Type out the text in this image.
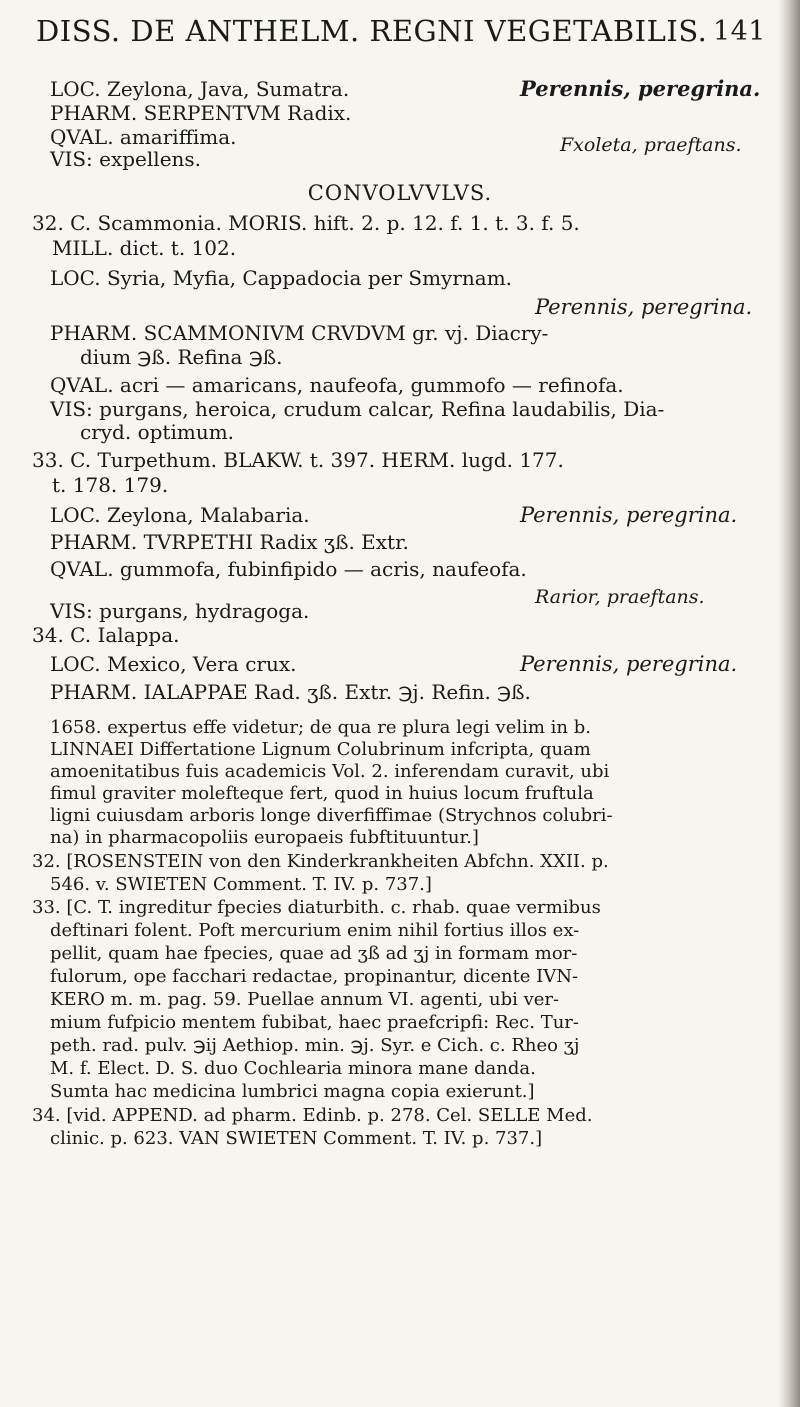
DISS. DE ANTHELM. REGNI VEGETABILIS. 141
LOC. Zeylona, Java, Sumatra.	Perennis, peregrina.
PHARM. SERPENTVM Radix.
QVAL. amariffima.	Fxoleta, praeftans.
VIS: expellens.
CONVOLVVLVS.
32. C. Scammonia. MORIS. hift. 2. p. 12. f. 1. t. 3. f. 5.
MILL. dict. t. 102.
LOC. Syria, Myfia, Cappadocia per Smyrnam.
Perennis, peregrina.
PHARM. SCAMMONIVM CRVDVM gr. vj. Diacry-
dium ℈ß. Refina ℈ß.
QVAL. acri — amaricans, naufeofa, gummofo — refinofa.
VIS: purgans, heroica, crudum calcar, Refina laudabilis, Dia-
cryd. optimum.
33. C. Turpethum. BLAKW. t. 397. HERM. lugd. 177.
t. 178. 179.
LOC. Zeylona, Malabaria.	Perennis, peregrina.
PHARM. TVRPETHI Radix ʒß. Extr.
QVAL. gummofa, fubinfipido — acris, naufeofa.
Rarior, praeftans.
VIS: purgans, hydragoga.
34. C. Ialappa.
LOC. Mexico, Vera crux.	Perennis, peregrina.
PHARM. IALAPPAE Rad. ʒß. Extr. ℈j. Refin. ℈ß.
1658. expertus effe videtur; de qua re plura legi velim in b.
LINNAEI Differtatione Lignum Colubrinum infcripta, quam
amoenitatibus fuis academicis Vol. 2. inferendam curavit, ubi
fimul graviter molefteque fert, quod in huius locum fruftula
ligni cuiusdam arboris longe diverfiffimae (Strychnos colubri-
na) in pharmacopoliis europaeis fubftituuntur.]
32. [ROSENSTEIN von den Kinderkrankheiten Abfchn. XXII. p.
546. v. SWIETEN Comment. T. IV. p. 737.]
33. [C. T. ingreditur fpecies diaturbith. c. rhab. quae vermibus
deftinari folent. Poft mercurium enim nihil fortius illos ex-
pellit, quam hae fpecies, quae ad ʒß ad ʒj in formam mor-
fulorum, ope facchari redactae, propinantur, dicente IVN-
KERO m. m. pag. 59. Puellae annum VI. agenti, ubi ver-
mium fufpicio mentem fubibat, haec praefcripfi: Rec. Tur-
peth. rad. pulv. ℈ij Aethiop. min. ℈j. Syr. e Cich. c. Rheo ʒj
M. f. Elect. D. S. duo Cochlearia minora mane danda.
Sumta hac medicina lumbrici magna copia exierunt.]
34. [vid. APPEND. ad pharm. Edinb. p. 278. Cel. SELLE Med.
clinic. p. 623. VAN SWIETEN Comment. T. IV. p. 737.]
